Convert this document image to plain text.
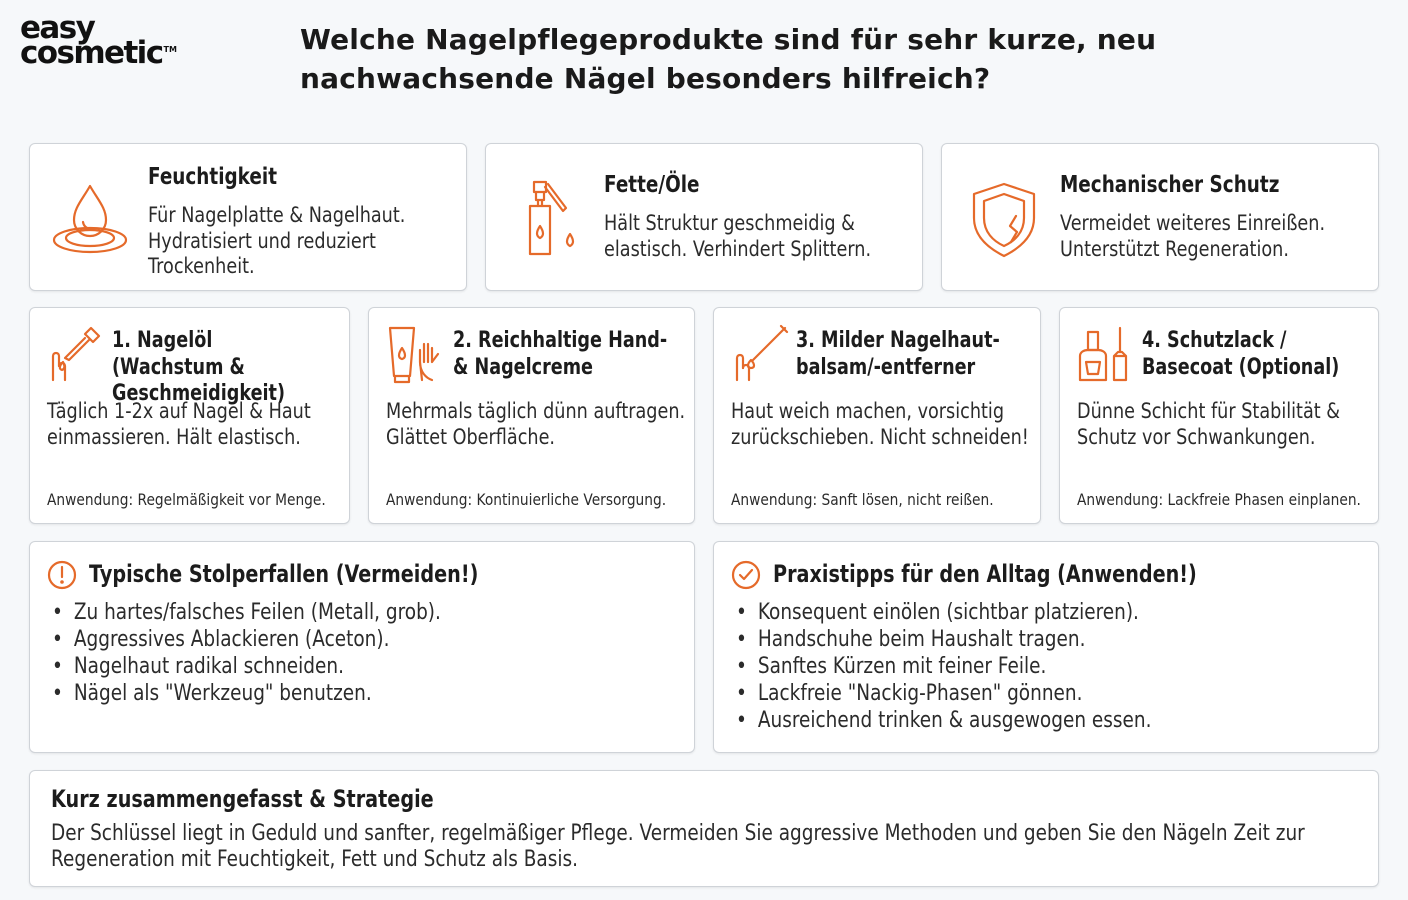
easy
cosmetic™	Welche Nagelpflegeprodukte sind für sehr kurze, neu nachwachsende Nägel besonders hilfreich?
Feuchtigkeit
Für Nagelplatte & Nagelhaut. Hydratisiert und reduziert Trockenheit.
Fette/Öle
Hält Struktur geschmeidig & elastisch. Verhindert Splittern.
Mechanischer Schutz
Vermeidet weiteres Einreißen. Unterstützt Regeneration.
1. Nagelöl (Wachstum & Geschmeidigkeit)
Täglich 1-2x auf Nagel & Haut einmassieren. Hält elastisch.
Anwendung: Regelmäßigkeit vor Menge.
2. Reichhaltige Hand- & Nagelcreme
Mehrmals täglich dünn auftragen. Glättet Oberfläche.
Anwendung: Kontinuierliche Versorgung.
3. Milder Nagelhaut- balsam/-entferner
Haut weich machen, vorsichtig zurückschieben. Nicht schneiden!
Anwendung: Sanft lösen, nicht reißen.
4. Schutzlack / Basecoat (Optional)
Dünne Schicht für Stabilität & Schutz vor Schwankungen.
Anwendung: Lackfreie Phasen einplanen.
Typische Stolperfallen (Vermeiden!)
• Zu hartes/falsches Feilen (Metall, grob).
• Aggressives Ablackieren (Aceton).
• Nagelhaut radikal schneiden.
• Nägel als "Werkzeug" benutzen.
Praxistipps für den Alltag (Anwenden!)
• Konsequent einölen (sichtbar platzieren).
• Handschuhe beim Haushalt tragen.
• Sanftes Kürzen mit feiner Feile.
• Lackfreie "Nackig-Phasen" gönnen.
• Ausreichend trinken & ausgewogen essen.
Kurz zusammengefasst & Strategie
Der Schlüssel liegt in Geduld und sanfter, regelmäßiger Pflege. Vermeiden Sie aggressive Methoden und geben Sie den Nägeln Zeit zur Regeneration mit Feuchtigkeit, Fett und Schutz als Basis.
